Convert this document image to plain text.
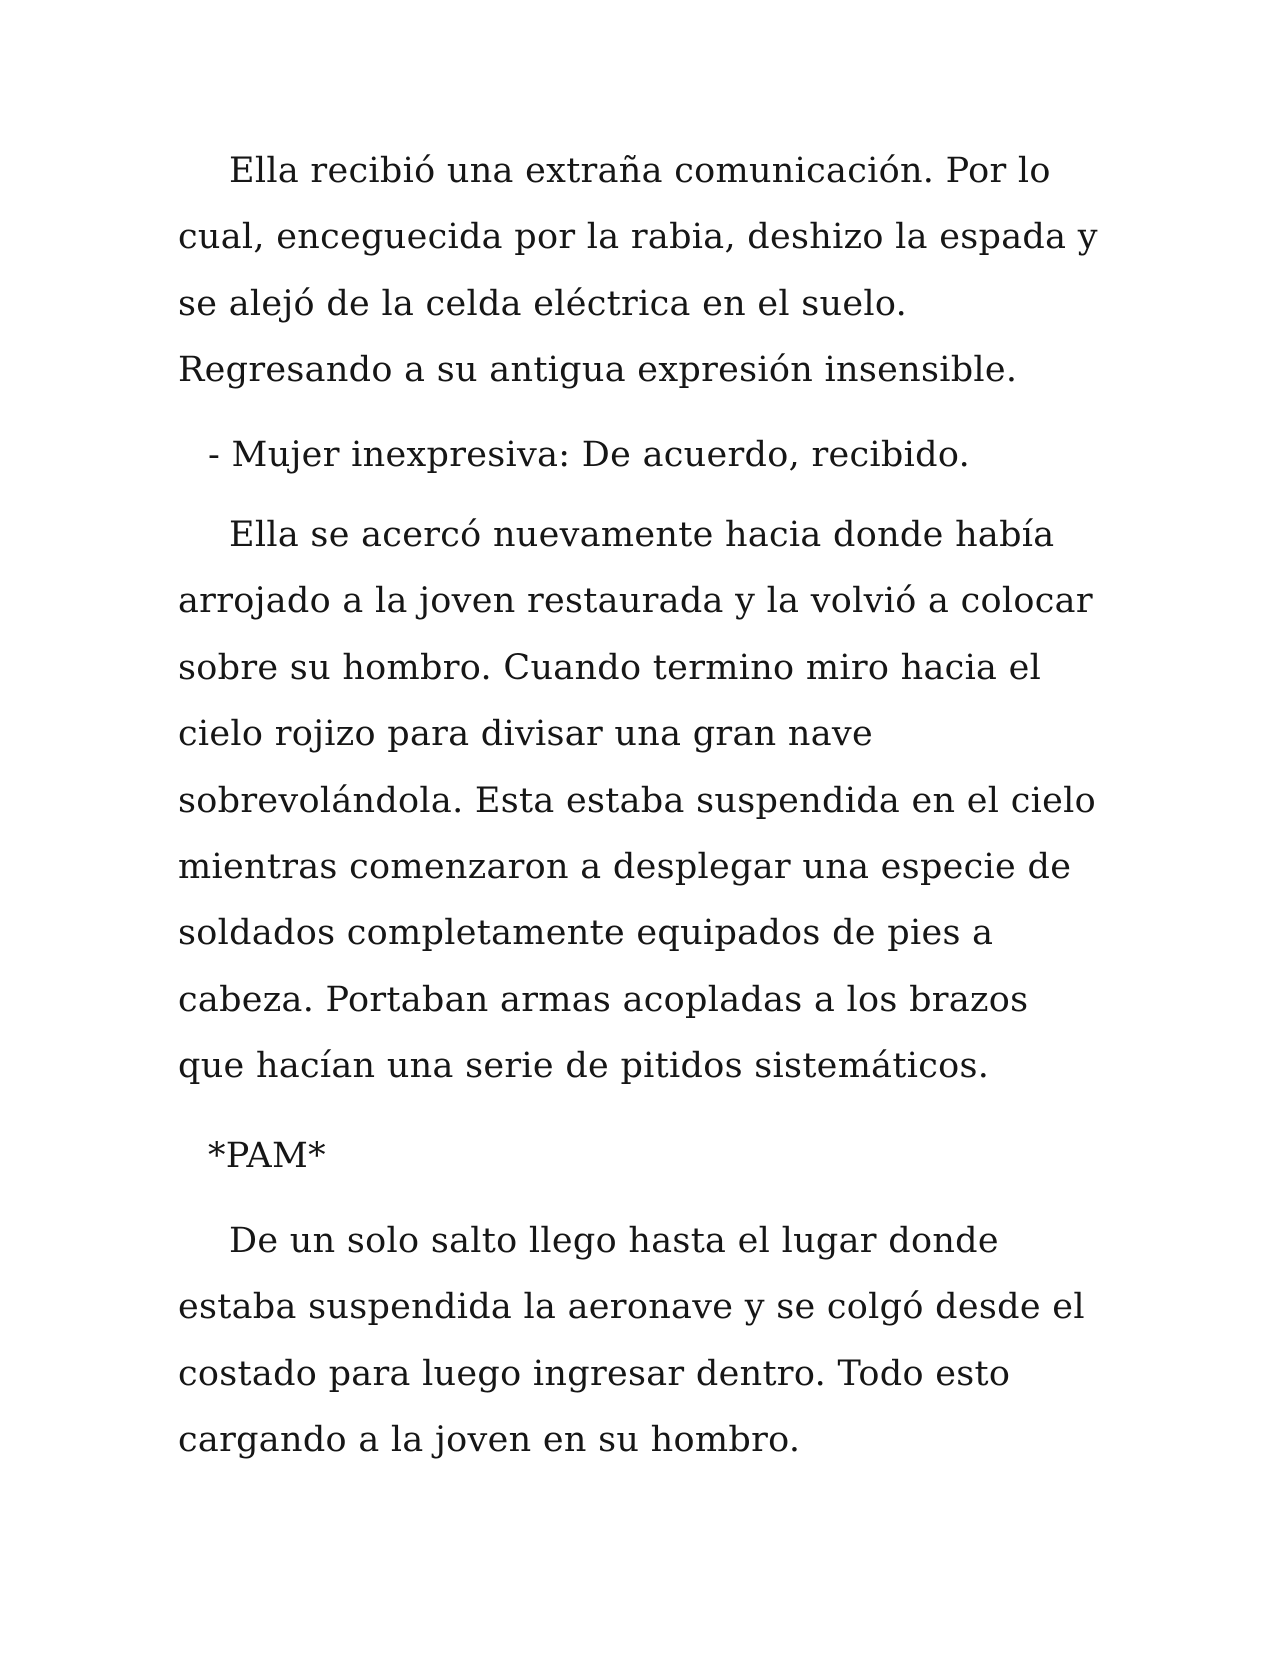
Ella recibió una extraña comunicación. Por lo
cual, enceguecida por la rabia, deshizo la espada y
se alejó de la celda eléctrica en el suelo.
Regresando a su antigua expresión insensible.

- Mujer inexpresiva: De acuerdo, recibido.

Ella se acercó nuevamente hacia donde había
arrojado a la joven restaurada y la volvió a colocar
sobre su hombro. Cuando termino miro hacia el
cielo rojizo para divisar una gran nave
sobrevolándola. Esta estaba suspendida en el cielo
mientras comenzaron a desplegar una especie de
soldados completamente equipados de pies a
cabeza. Portaban armas acopladas a los brazos
que hacían una serie de pitidos sistemáticos.

*PAM*

De un solo salto llego hasta el lugar donde
estaba suspendida la aeronave y se colgó desde el
costado para luego ingresar dentro. Todo esto
cargando a la joven en su hombro.
